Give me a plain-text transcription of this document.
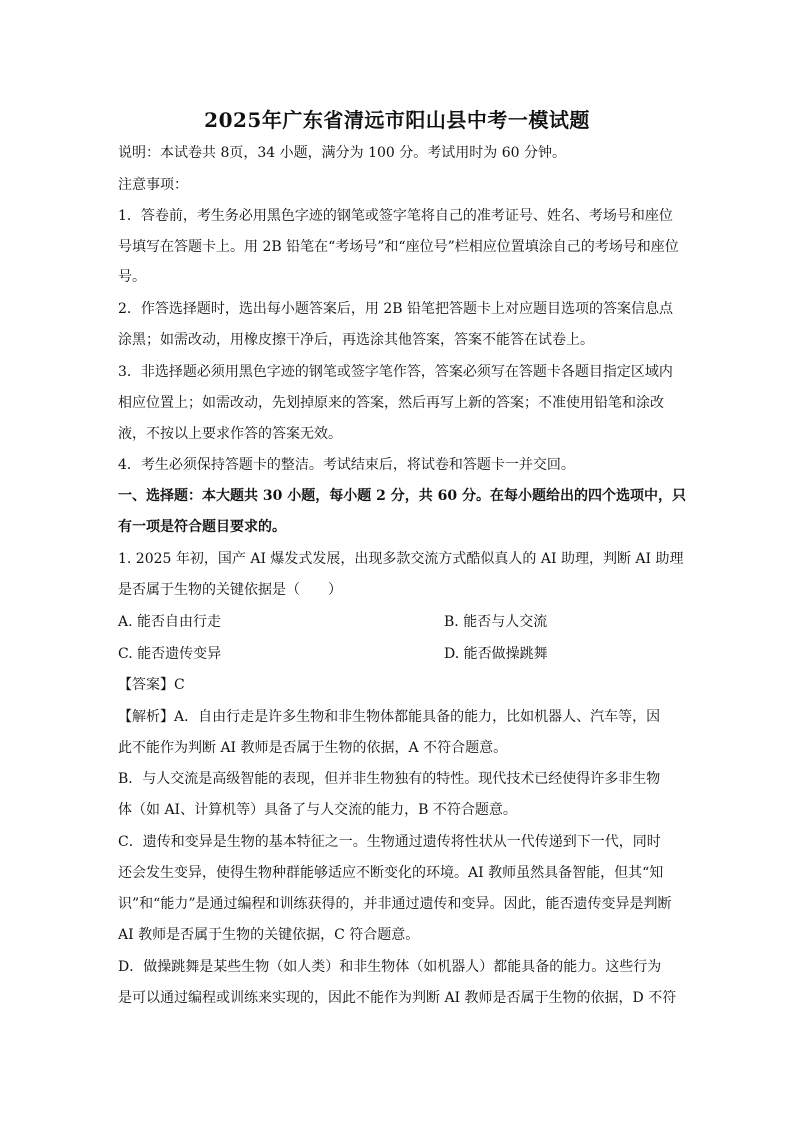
2025年广东省清远市阳山县中考一模试题
说明：本试卷共 8页，34 小题，满分为 100 分。考试用时为 60 分钟。
注意事项：
1．答卷前，考生务必用黑色字迹的钢笔或签字笔将自己的准考证号、姓名、考场号和座位
号填写在答题卡上。用 2B 铅笔在“考场号”和“座位号”栏相应位置填涂自己的考场号和座位
号。
2．作答选择题时，选出每小题答案后，用 2B 铅笔把答题卡上对应题目选项的答案信息点
涂黑；如需改动，用橡皮擦干净后，再选涂其他答案，答案不能答在试卷上。
3．非选择题必须用黑色字迹的钢笔或签字笔作答，答案必须写在答题卡各题目指定区域内
相应位置上；如需改动，先划掉原来的答案，然后再写上新的答案；不准使用铅笔和涂改
液，不按以上要求作答的答案无效。
4．考生必须保持答题卡的整洁。考试结束后，将试卷和答题卡一并交回。
一、选择题：本大题共 30 小题，每小题 2 分，共 60 分。在每小题给出的四个选项中，只
有一项是符合题目要求的。
1. 2025 年初，国产 AI 爆发式发展，出现多款交流方式酷似真人的 AI 助理，判断 AI 助理
是否属于生物的关键依据是（　　）
A. 能否自由行走	B. 能否与人交流
C. 能否遗传变异	D. 能否做操跳舞
【答案】C
【解析】A．自由行走是许多生物和非生物体都能具备的能力，比如机器人、汽车等，因
此不能作为判断 AI 教师是否属于生物的依据，A 不符合题意。
B．与人交流是高级智能的表现，但并非生物独有的特性。现代技术已经使得许多非生物
体（如 AI、计算机等）具备了与人交流的能力，B 不符合题意。
C．遗传和变异是生物的基本特征之一。生物通过遗传将性状从一代传递到下一代，同时
还会发生变异，使得生物种群能够适应不断变化的环境。AI 教师虽然具备智能，但其“知
识”和“能力”是通过编程和训练获得的，并非通过遗传和变异。因此，能否遗传变异是判断
AI 教师是否属于生物的关键依据，C 符合题意。
D．做操跳舞是某些生物（如人类）和非生物体（如机器人）都能具备的能力。这些行为
是可以通过编程或训练来实现的，因此不能作为判断 AI 教师是否属于生物的依据，D 不符
